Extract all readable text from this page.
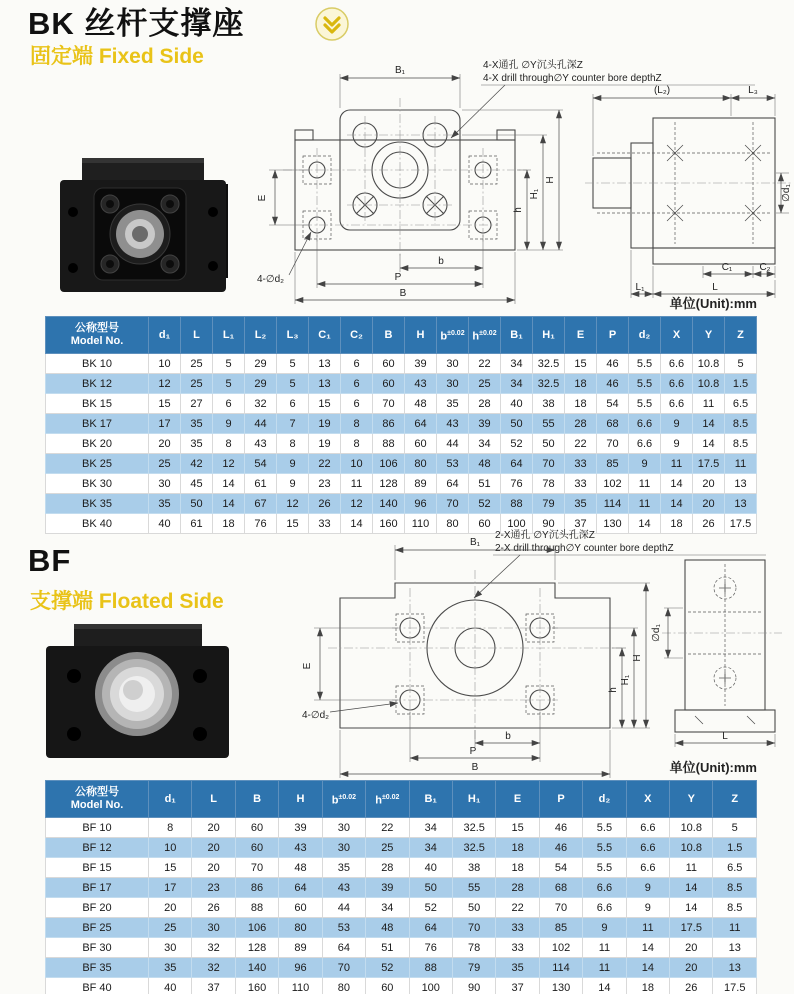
BK 丝杆支撑座
固定端 Fixed Side	4-X通孔 ∅Y沉头孔深Z
4-X drill through∅Y counter bore depthZ
B₁
E
h
H₁
H
b
P
B
4-∅d₂
(L₂)	L₃
∅d₁
C₁	C₂
L₁	L
单位(Unit):mm
公称型号
Model No.	d₁	L	L₁	L₂	L₃	C₁	C₂	B	H	$b^{\pm 0.02}$	$h^{\pm 0.02}$	B₁	H₁	E	P	d₂	X	Y	Z
BK 10	10	25	5	29	5	13	6	60	39	30	22	34	32.5	15	46	5.5	6.6	10.8	5
BK 12	12	25	5	29	5	13	6	60	43	30	25	34	32.5	18	46	5.5	6.6	10.8	1.5
BK 15	15	27	6	32	6	15	6	70	48	35	28	40	38	18	54	5.5	6.6	11	6.5
BK 17	17	35	9	44	7	19	8	86	64	43	39	50	55	28	68	6.6	9	14	8.5
BK 20	20	35	8	43	8	19	8	88	60	44	34	52	50	22	70	6.6	9	14	8.5
BK 25	25	42	12	54	9	22	10	106	80	53	48	64	70	33	85	9	11	17.5	11
BK 30	30	45	14	61	9	23	11	128	89	64	51	76	78	33	102	11	14	20	13
BK 35	35	50	14	67	12	26	12	140	96	70	52	88	79	35	114	11	14	20	13
BK 40	40	61	18	76	15	33	14	160	110	80	60	100	90	37	130	14	18	26	17.5
BF
支撑端 Floated Side
2-X通孔 ∅Y沉头孔深Z
2-X drill through∅Y counter bore depthZ
B₁
E
h
H₁
H
b
P
B
4-∅d₂
∅d₁
L
单位(Unit):mm
公称型号
Model No.	d₁	L	B	H	$b^{\pm 0.02}$	$h^{\pm 0.02}$	B₁	H₁	E	P	d₂	X	Y	Z
BF 10	8	20	60	39	30	22	34	32.5	15	46	5.5	6.6	10.8	5
BF 12	10	20	60	43	30	25	34	32.5	18	46	5.5	6.6	10.8	1.5
BF 15	15	20	70	48	35	28	40	38	18	54	5.5	6.6	11	6.5
BF 17	17	23	86	64	43	39	50	55	28	68	6.6	9	14	8.5
BF 20	20	26	88	60	44	34	52	50	22	70	6.6	9	14	8.5
BF 25	25	30	106	80	53	48	64	70	33	85	9	11	17.5	11
BF 30	30	32	128	89	64	51	76	78	33	102	11	14	20	13
BF 35	35	32	140	96	70	52	88	79	35	114	11	14	20	13
BF 40	40	37	160	110	80	60	100	90	37	130	14	18	26	17.5
